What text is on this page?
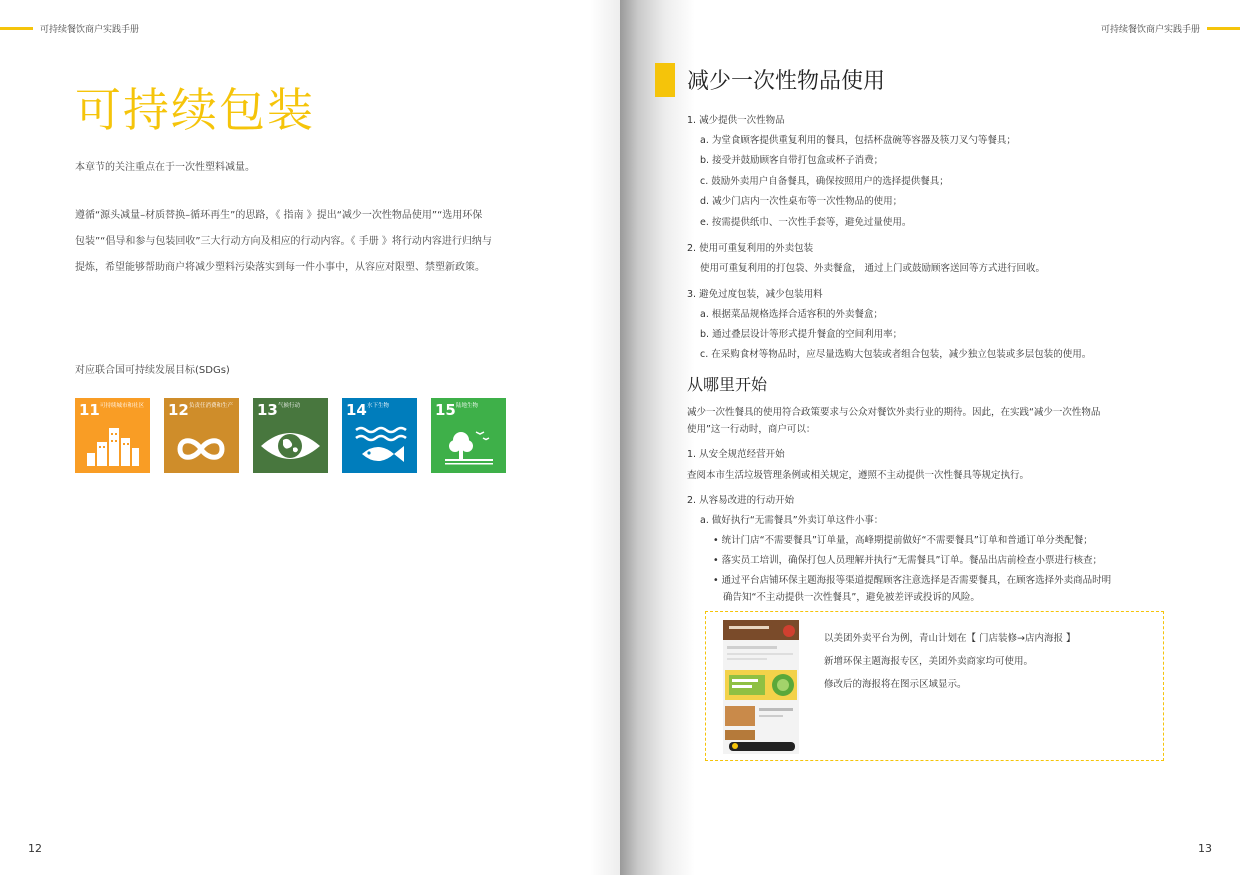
可持续餐饮商户实践手册
可持续包装
本章节的关注重点在于一次性塑料减量。
遵循“源头减量–材质替换–循环再生”的思路，《 指南 》提出“减少一次性物品使用”“选用环保
包装”“倡导和参与包装回收”三大行动方向及相应的行动内容。《 手册 》将行动内容进行归纳与
提炼，希望能够帮助商户将减少塑料污染落实到每一件小事中，从容应对限塑、禁塑新政策。
对应联合国可持续发展目标(SDGs)
11 可持续城市和社区 12 负责任消费和生产 13 气候行动	14 水下生物	15 陆地生物
12
可持续餐饮商户实践手册
减少一次性物品使用
1. 减少提供一次性物品
a. 为堂食顾客提供重复利用的餐具，包括杯盘碗等容器及筷刀叉勺等餐具；
b. 接受并鼓励顾客自带打包盒或杯子消费；
c. 鼓励外卖用户自备餐具，确保按照用户的选择提供餐具；
d. 减少门店内一次性桌布等一次性物品的使用；
e. 按需提供纸巾、一次性手套等，避免过量使用。
2. 使用可重复利用的外卖包装
使用可重复利用的打包袋、外卖餐盒， 通过上门或鼓励顾客送回等方式进行回收。
3. 避免过度包装，减少包装用料
a. 根据菜品规格选择合适容积的外卖餐盒；
b. 通过叠层设计等形式提升餐盒的空间利用率；
c. 在采购食材等物品时，应尽量选购大包装或者组合包装，减少独立包装或多层包装的使用。
从哪里开始
减少一次性餐具的使用符合政策要求与公众对餐饮外卖行业的期待。因此，在实践“减少一次性物品
使用”这一行动时，商户可以：
1. 从安全规范经营开始
查阅本市生活垃圾管理条例或相关规定，遵照不主动提供一次性餐具等规定执行。
2. 从容易改进的行动开始
a. 做好执行“无需餐具”外卖订单这件小事：
• 统计门店“不需要餐具”订单量，高峰期提前做好“不需要餐具”订单和普通订单分类配餐；
• 落实员工培训，确保打包人员理解并执行“无需餐具”订单。餐品出店前检查小票进行核查；
• 通过平台店铺环保主题海报等渠道提醒顾客注意选择是否需要餐具，在顾客选择外卖商品时明
确告知“不主动提供一次性餐具”，避免被差评或投诉的风险。
以美团外卖平台为例，青山计划在【 门店装修→店内海报 】
新增环保主题海报专区，美团外卖商家均可使用。
修改后的海报将在图示区域显示。
13
